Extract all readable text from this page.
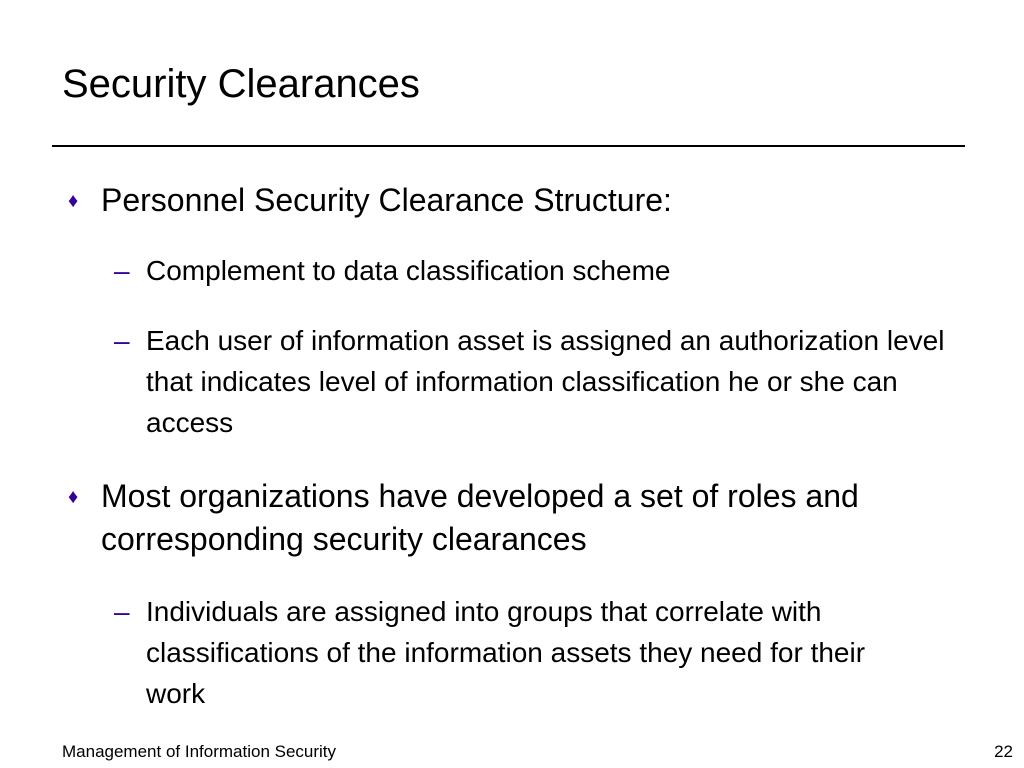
Security Clearances
♦ Personnel Security Clearance Structure:
– Complement to data classification scheme
– Each user of information asset is assigned an authorization level that indicates level of information classification he or she can access
♦ Most organizations have developed a set of roles and corresponding security clearances
– Individuals are assigned into groups that correlate with classifications of the information assets they need for their work
Management of Information Security	22
